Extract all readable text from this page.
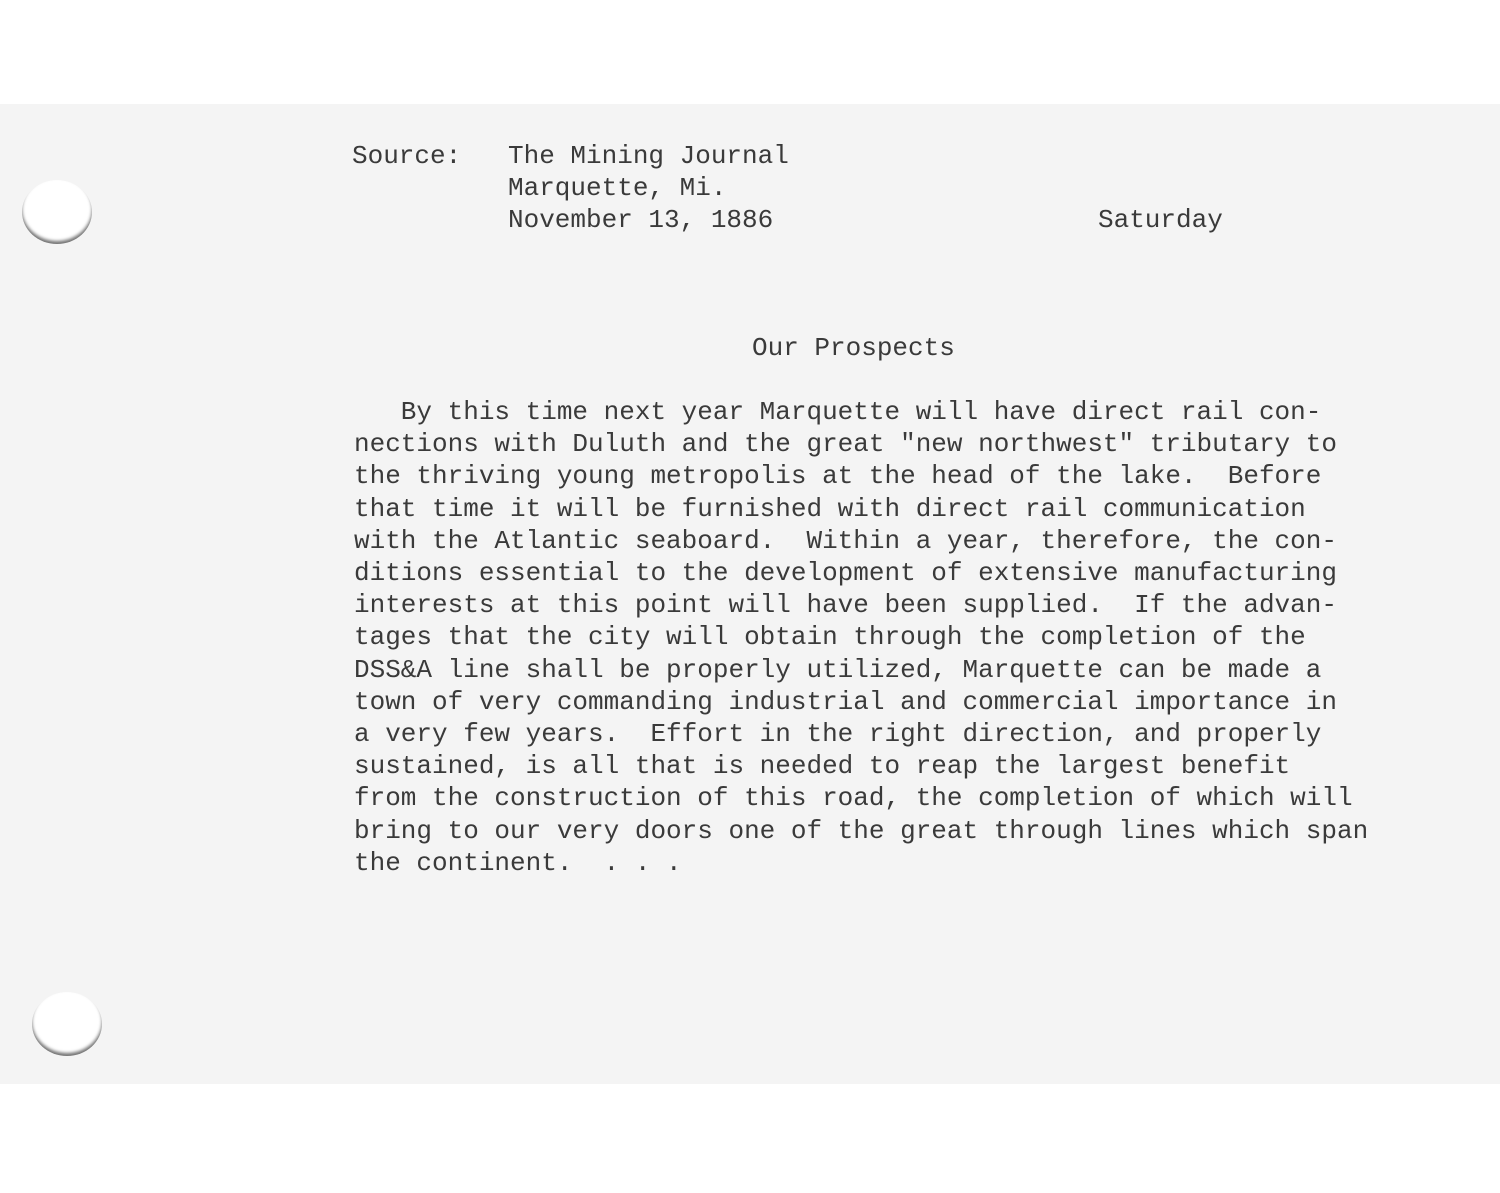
Source: The Mining Journal
Marquette, Mi.
November 13, 1886	Saturday
Our Prospects
By this time next year Marquette will have direct rail con-
nections with Duluth and the great "new northwest" tributary to
the thriving young metropolis at the head of the lake.  Before
that time it will be furnished with direct rail communication
with the Atlantic seaboard.  Within a year, therefore, the con-
ditions essential to the development of extensive manufacturing
interests at this point will have been supplied.  If the advan-
tages that the city will obtain through the completion of the
DSS&A line shall be properly utilized, Marquette can be made a
town of very commanding industrial and commercial importance in
a very few years.  Effort in the right direction, and properly
sustained, is all that is needed to reap the largest benefit
from the construction of this road, the completion of which will
bring to our very doors one of the great through lines which span
the continent.  . . .
